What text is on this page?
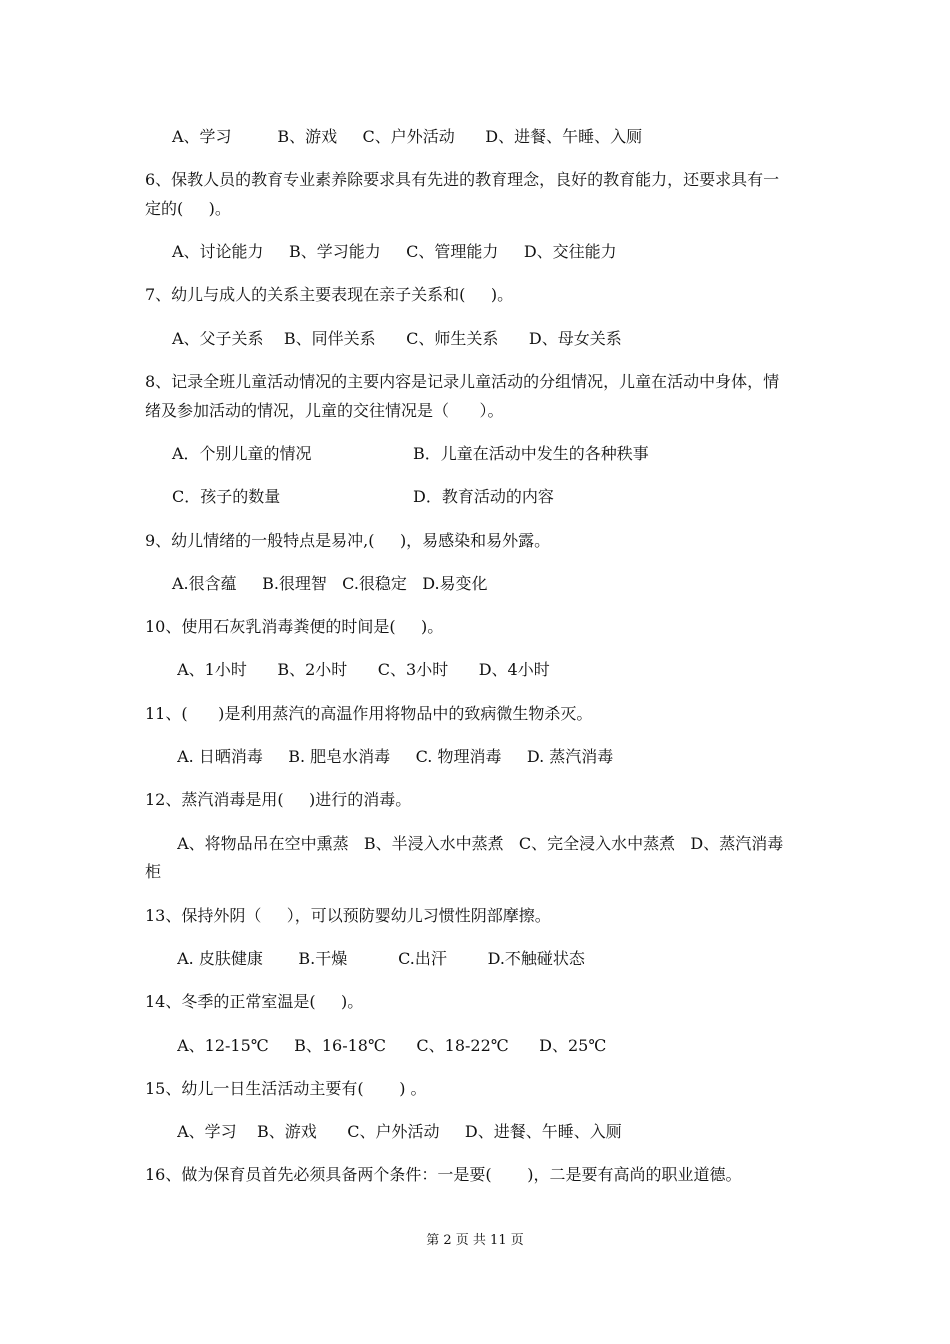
A、学习         B、游戏     C、户外活动      D、进餐、午睡、入厕
6、保教人员的教育专业素养除要求具有先进的教育理念，良好的教育能力，还要求具有一
定的(     )。
A、讨论能力     B、学习能力     C、管理能力     D、交往能力
7、幼儿与成人的关系主要表现在亲子关系和(     )。
A、父子关系    B、同伴关系      C、师生关系      D、母女关系
8、记录全班儿童活动情况的主要内容是记录儿童活动的分组情况，儿童在活动中身体，情
绪及参加活动的情况，儿童的交往情况是（      ）。
A．个别儿童的情况	B．儿童在活动中发生的各种秩事
C．孩子的数量	D．教育活动的内容
9、幼儿情绪的一般特点是易冲,(     )，易感染和易外露。
A.很含蕴     B.很理智   C.很稳定   D.易变化
10、使用石灰乳消毒粪便的时间是(     )。
A、1小时      B、2小时      C、3小时      D、4小时
11、(      )是利用蒸汽的高温作用将物品中的致病微生物杀灭。
A. 日晒消毒     B. 肥皂水消毒     C. 物理消毒     D. 蒸汽消毒
12、蒸汽消毒是用(     )进行的消毒。
A、将物品吊在空中熏蒸   B、半浸入水中蒸煮   C、完全浸入水中蒸煮   D、蒸汽消毒
柜
13、保持外阴（     ），可以预防婴幼儿习惯性阴部摩擦。
A. 皮肤健康       B.干燥          C.出汗        D.不触碰状态
14、冬季的正常室温是(     )。
A、12-15℃     B、16-18℃      C、18-22℃      D、25℃
15、幼儿一日生活活动主要有(       ) 。
A、学习    B、游戏      C、户外活动     D、进餐、午睡、入厕
16、做为保育员首先必须具备两个条件：一是要(       )，二是要有高尚的职业道德。
第 2 页 共 11 页
